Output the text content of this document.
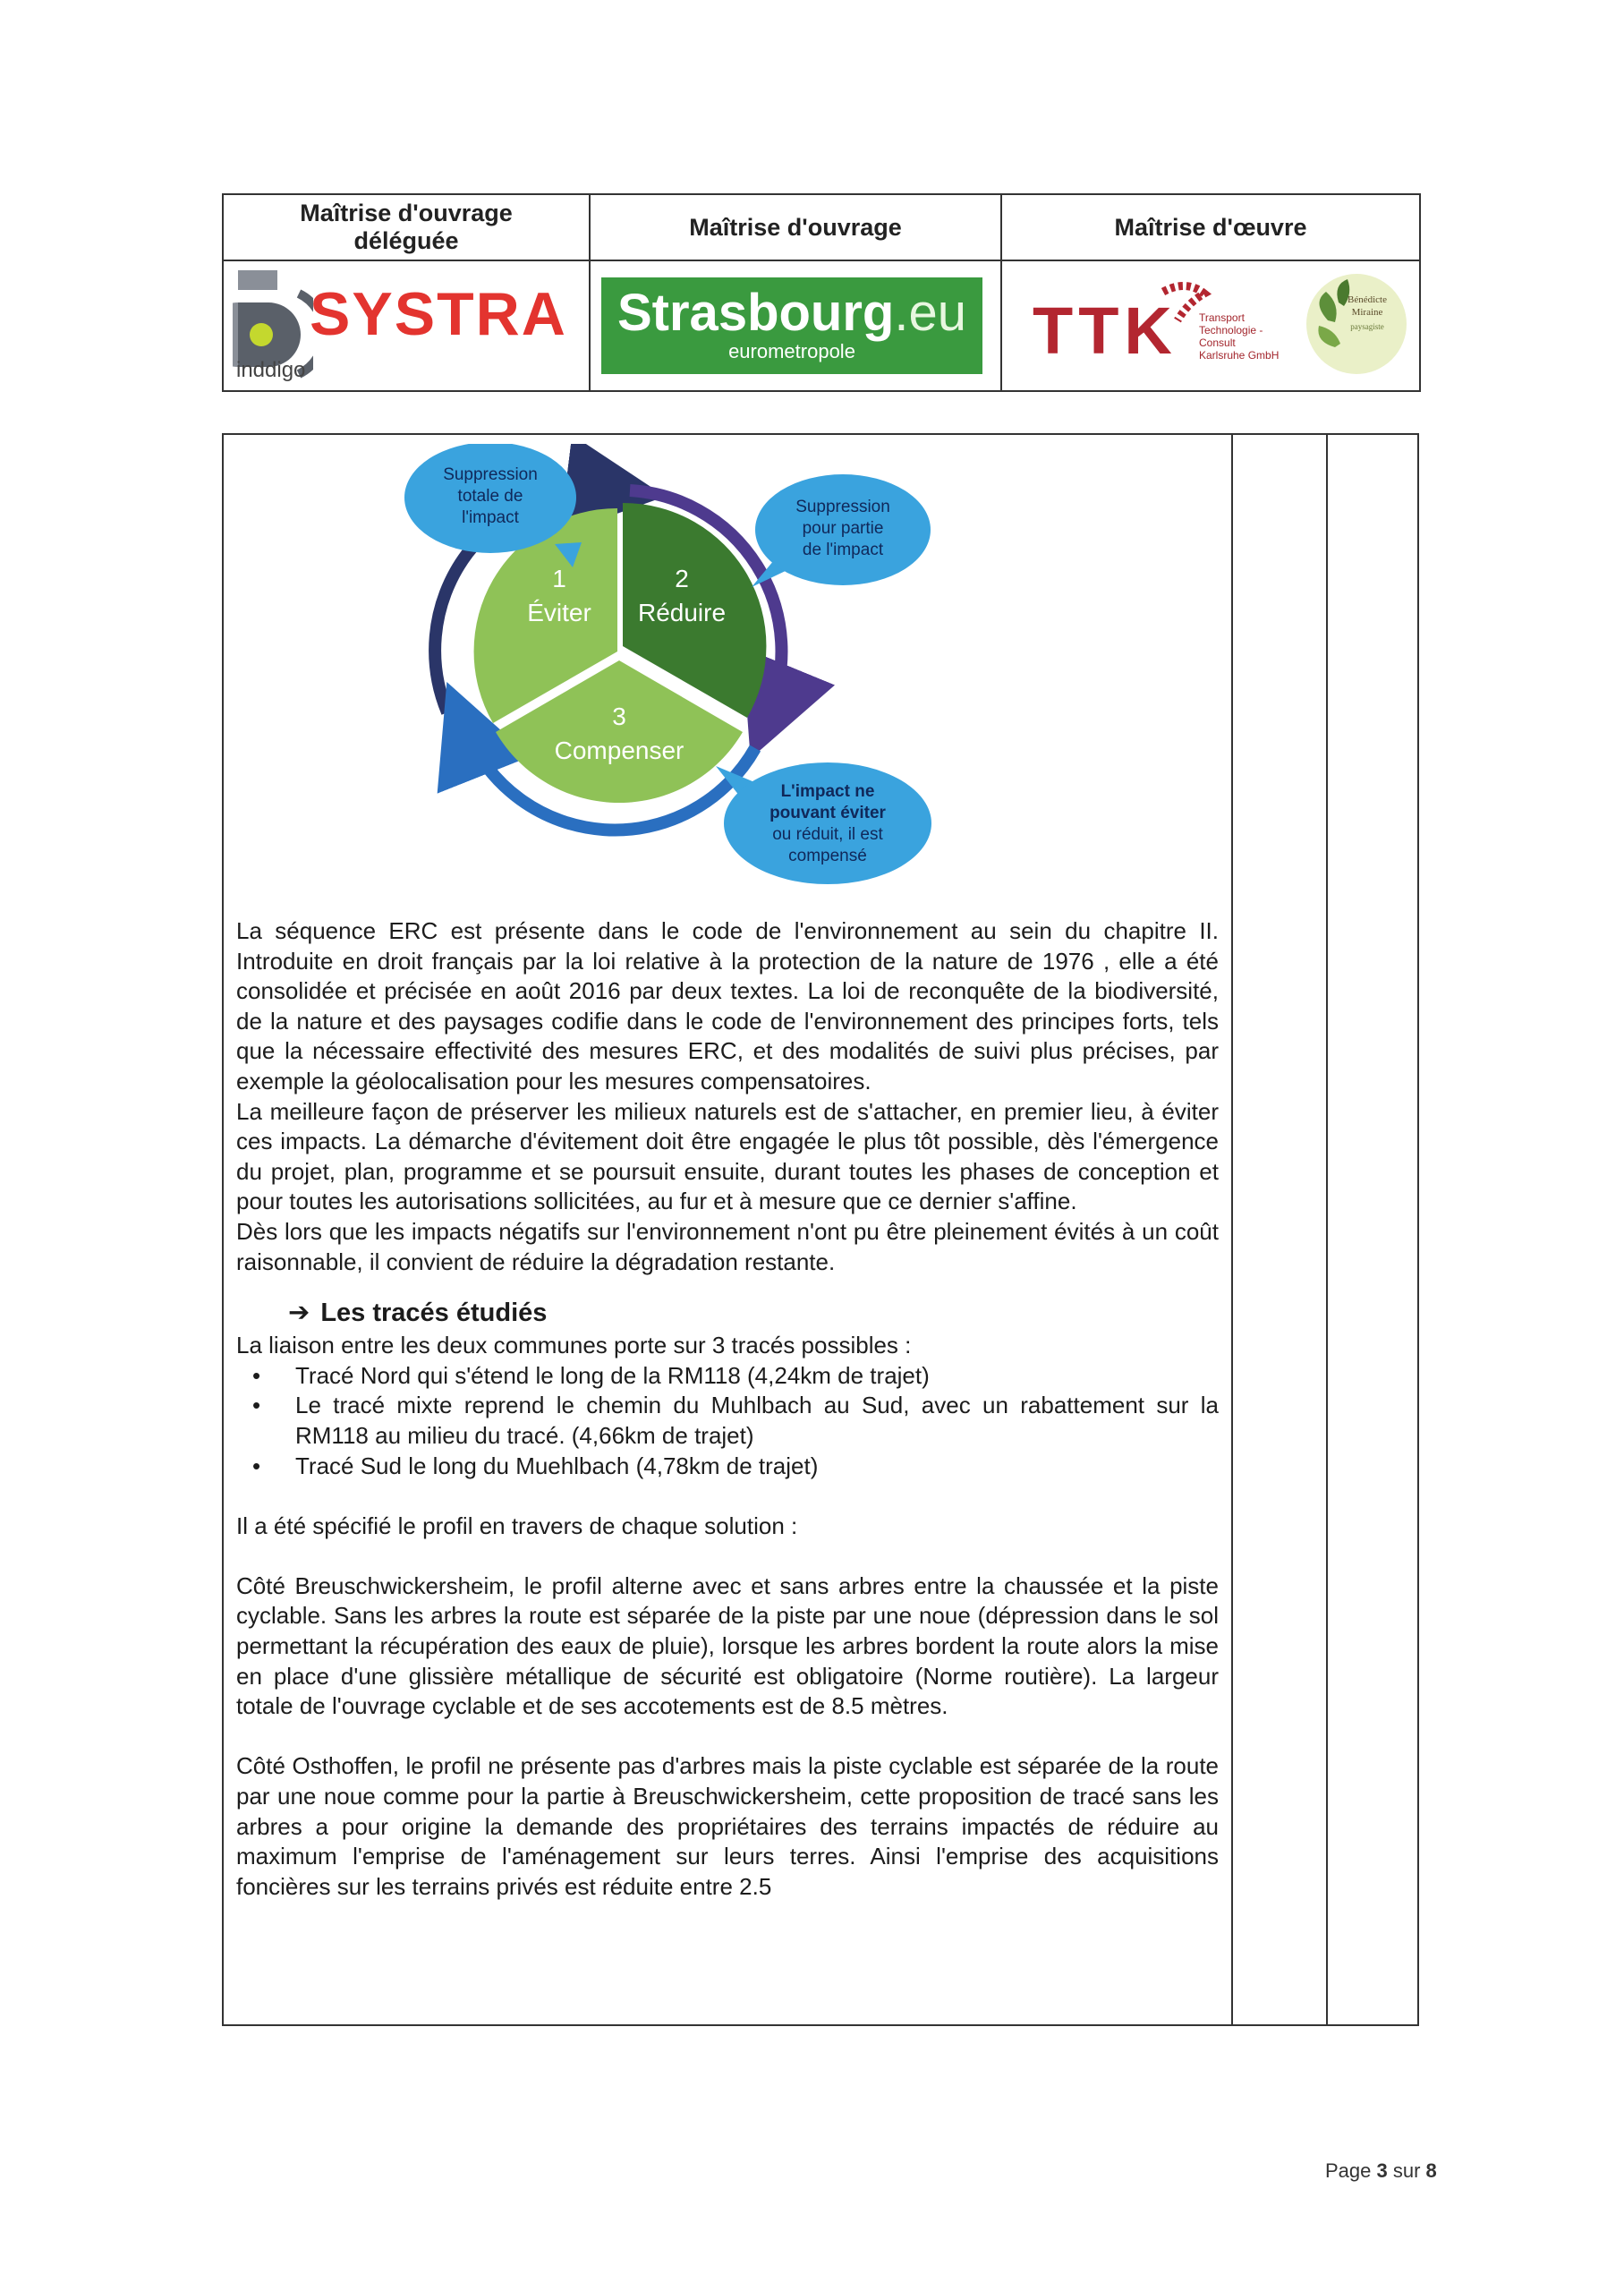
Maîtrise d'ouvrage déléguée
SYSTRA
inddigo
Maîtrise d'ouvrage
Strasbourg.eu
eurometropole
Maîtrise d'œuvre
TTK Transport
Technologie -
Consult
Karlsruhe GmbH
Bénédicte
Miraine
paysagiste
1
Éviter
2
Réduire
3
Compenser
Suppression
totale de
l'impact
Suppression
pour partie
de l'impact
L'impact ne
pouvant éviter
ou réduit, il est
compensé

La séquence ERC est présente dans le code de l'environnement au sein du chapitre II. Introduite en droit français par la loi relative à la protection de la nature de 1976 , elle a été consolidée et précisée en août 2016 par deux textes. La loi de reconquête de la biodiversité, de la nature et des paysages codifie dans le code de l'environnement des principes forts, tels que la nécessaire effectivité des mesures ERC, et des modalités de suivi plus précises, par exemple la géolocalisation pour les mesures compensatoires.

La meilleure façon de préserver les milieux naturels est de s'attacher, en premier lieu, à éviter ces impacts. La démarche d'évitement doit être engagée le plus tôt possible, dès l'émergence du projet, plan, programme et se poursuit ensuite, durant toutes les phases de conception et pour toutes les autorisations sollicitées, au fur et à mesure que ce dernier s'affine.

Dès lors que les impacts négatifs sur l'environnement n'ont pu être pleinement évités à un coût raisonnable, il convient de réduire la dégradation restante.

➔ Les tracés étudiés

La liaison entre les deux communes porte sur 3 tracés possibles :

• Tracé Nord qui s'étend le long de la RM118 (4,24km de trajet)
• Le tracé mixte reprend le chemin du Muhlbach au Sud, avec un rabattement sur la RM118 au milieu du tracé. (4,66km de trajet)
• Tracé Sud le long du Muehlbach (4,78km de trajet)

Il a été spécifié le profil en travers de chaque solution :

Côté Breuschwickersheim, le profil alterne avec et sans arbres entre la chaussée et la piste cyclable. Sans les arbres la route est séparée de la piste par une noue (dépression dans le sol permettant la récupération des eaux de pluie), lorsque les arbres bordent la route alors la mise en place d'une glissière métallique de sécurité est obligatoire (Norme routière). La largeur totale de l'ouvrage cyclable et de ses accotements est de 8.5 mètres.

Côté Osthoffen, le profil ne présente pas d'arbres mais la piste cyclable est séparée de la route par une noue comme pour la partie à Breuschwickersheim, cette proposition de tracé sans les arbres a pour origine la demande des propriétaires des terrains impactés de réduire au maximum l'emprise de l'aménagement sur leurs terres. Ainsi l'emprise des acquisitions foncières sur les terrains privés est réduite entre 2.5

Page 3 sur 8
